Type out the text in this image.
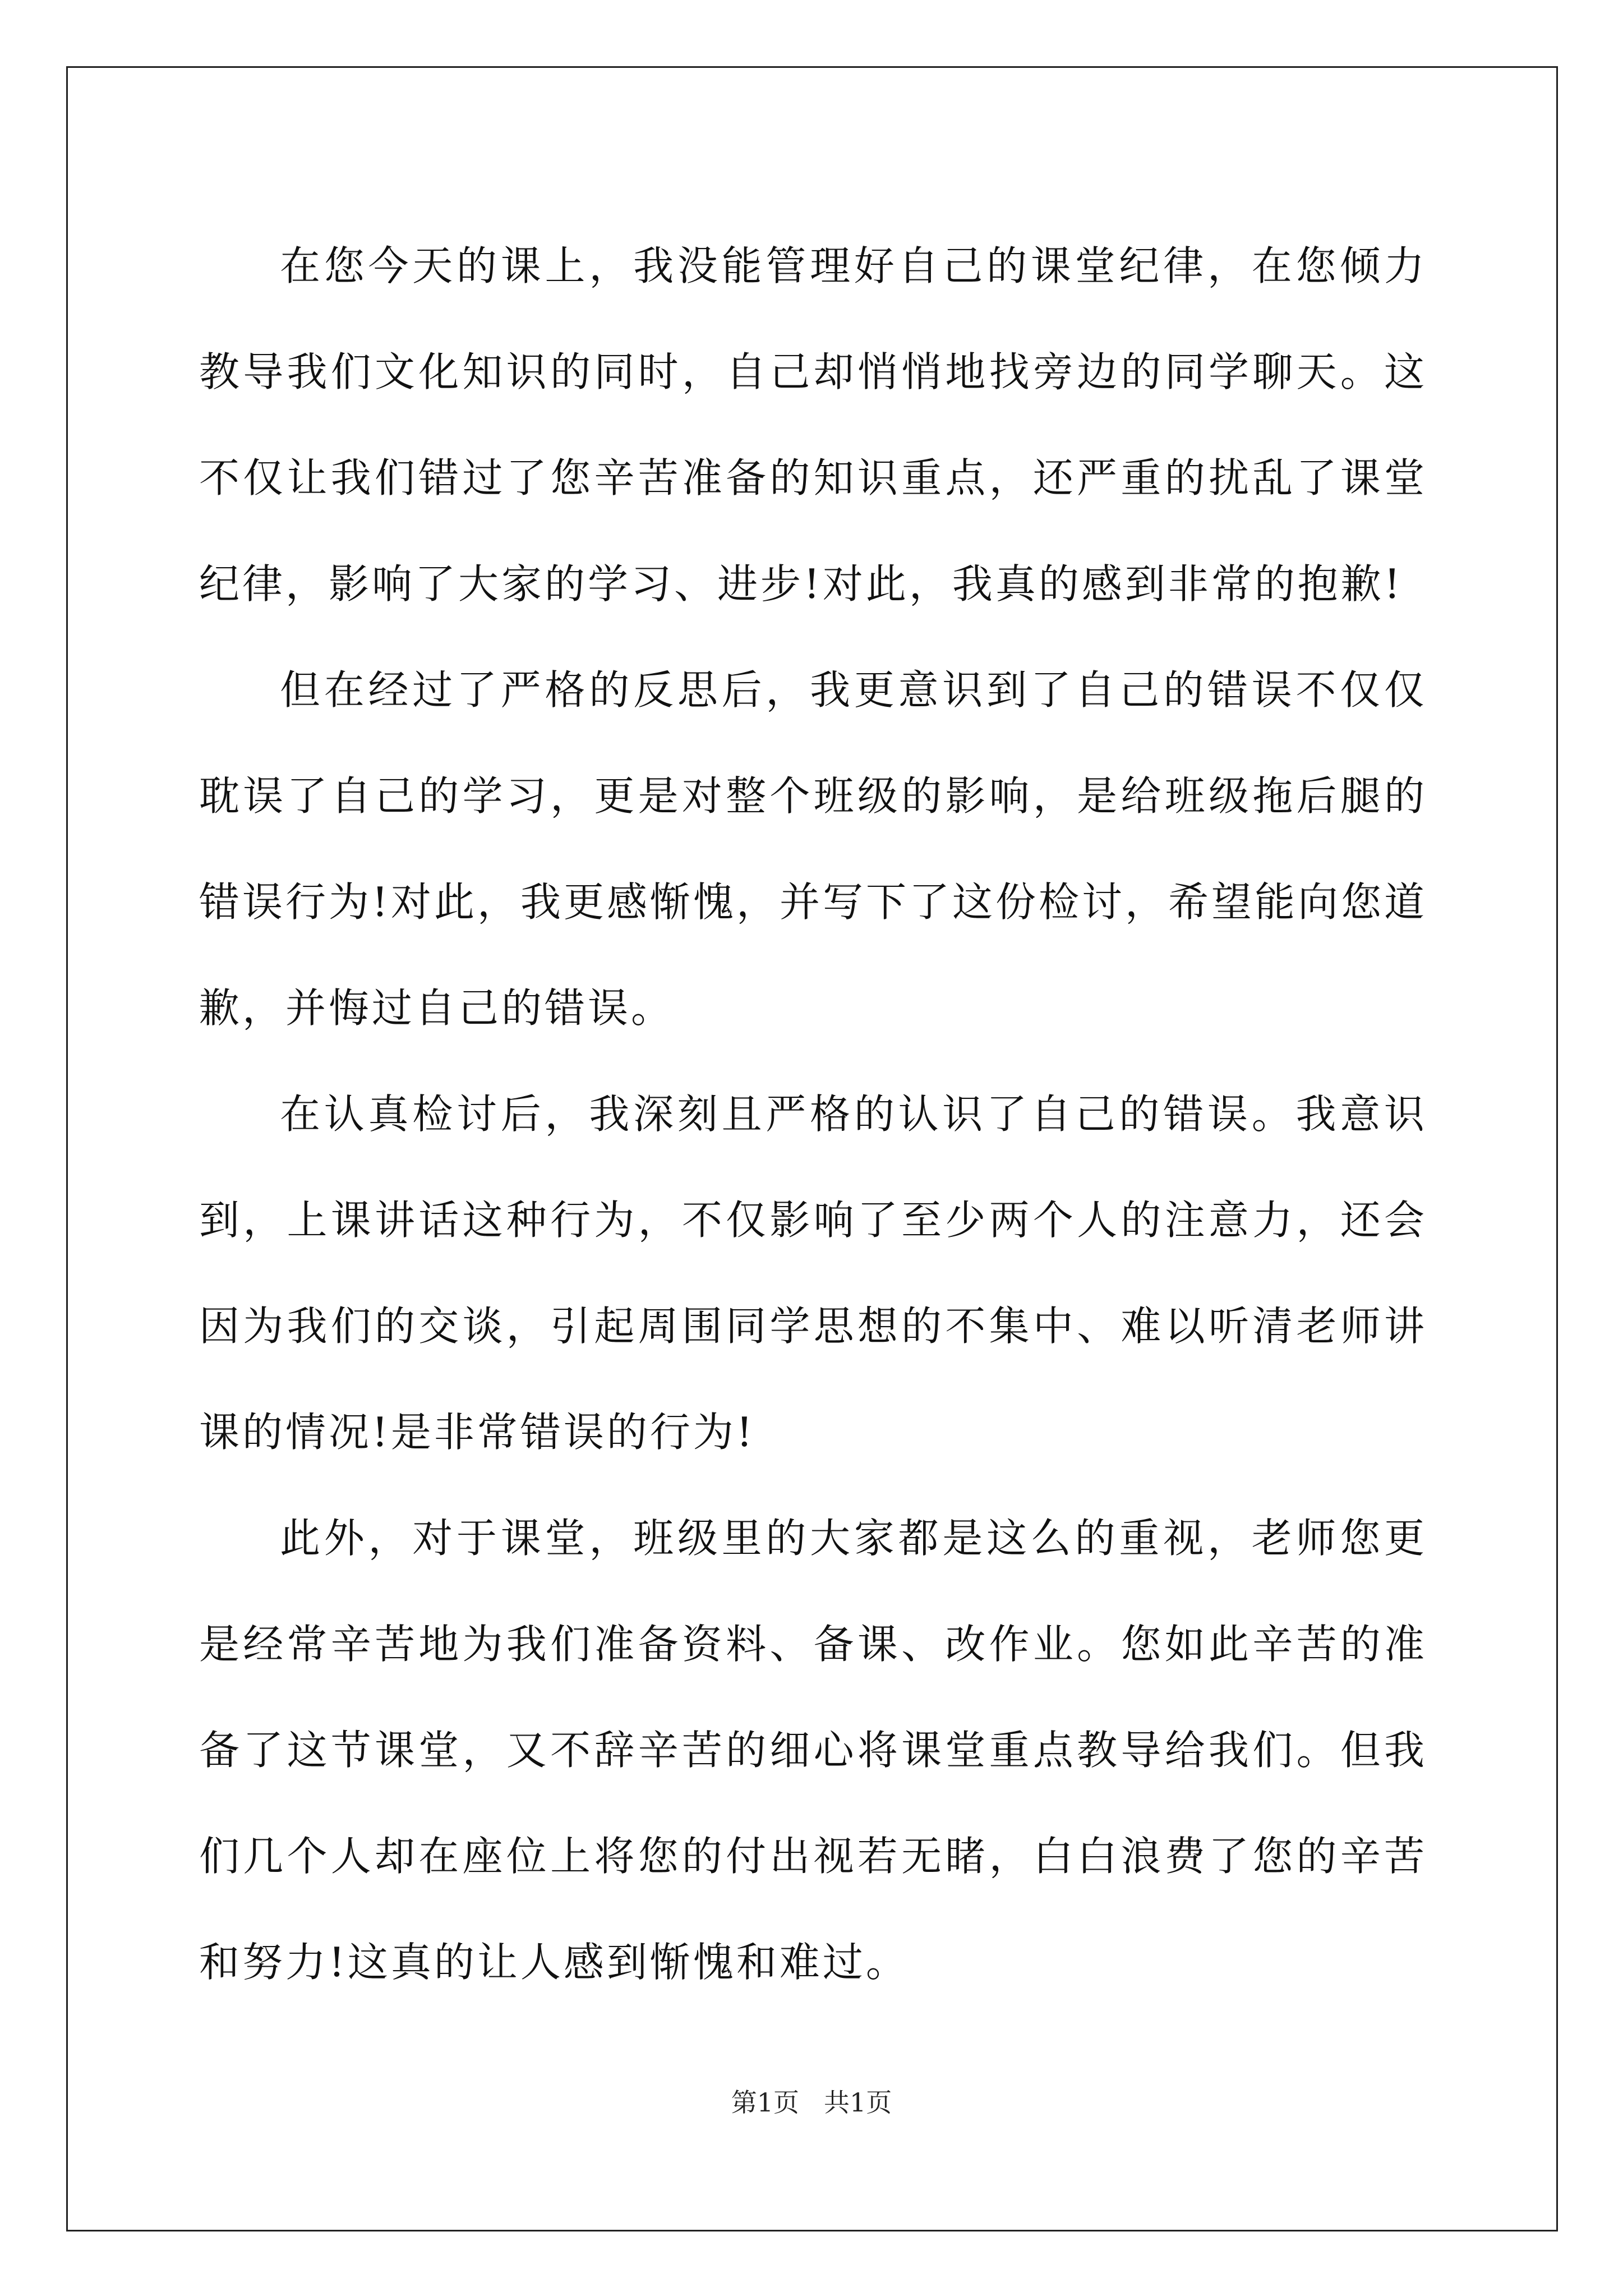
在您今天的课上，我没能管理好自己的课堂纪律，在您倾力教导我们文化知识的同时，自己却悄悄地找旁边的同学聊天。这不仅让我们错过了您辛苦准备的知识重点，还严重的扰乱了课堂纪律，影响了大家的学习、进步!对此，我真的感到非常的抱歉!

但在经过了严格的反思后，我更意识到了自己的错误不仅仅耽误了自己的学习，更是对整个班级的影响，是给班级拖后腿的错误行为!对此，我更感惭愧，并写下了这份检讨，希望能向您道歉，并悔过自己的错误。

在认真检讨后，我深刻且严格的认识了自己的错误。我意识到，上课讲话这种行为，不仅影响了至少两个人的注意力，还会因为我们的交谈，引起周围同学思想的不集中、难以听清老师讲课的情况!是非常错误的行为!

此外，对于课堂，班级里的大家都是这么的重视，老师您更是经常辛苦地为我们准备资料、备课、改作业。您如此辛苦的准备了这节课堂，又不辞辛苦的细心将课堂重点教导给我们。但我们几个人却在座位上将您的付出视若无睹，白白浪费了您的辛苦和努力!这真的让人感到惭愧和难过。

第1页 共1页
